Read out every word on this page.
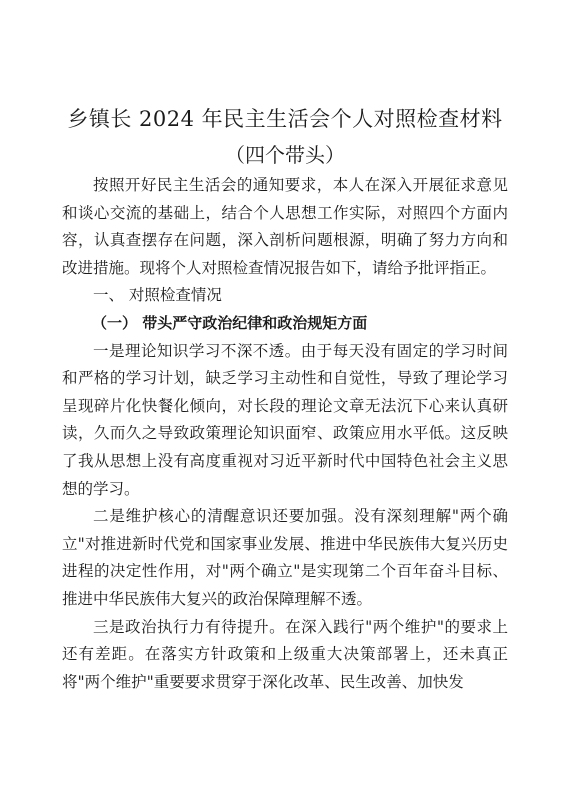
乡镇长 2024 年民主生活会个人对照检查材料
（四个带头）

按照开好民主生活会的通知要求，本人在深入开展征求意见和谈心交流的基础上，结合个人思想工作实际，对照四个方面内容，认真查摆存在问题，深入剖析问题根源，明确了努力方向和改进措施。现将个人对照检查情况报告如下，请给予批评指正。

一、 对照检查情况

（一） 带头严守政治纪律和政治规矩方面

一是理论知识学习不深不透。由于每天没有固定的学习时间和严格的学习计划，缺乏学习主动性和自觉性，导致了理论学习呈现碎片化快餐化倾向，对长段的理论文章无法沉下心来认真研读，久而久之导致政策理论知识面窄、政策应用水平低。这反映了我从思想上没有高度重视对习近平新时代中国特色社会主义思想的学习。

二是维护核心的清醒意识还要加强。没有深刻理解"两个确立"对推进新时代党和国家事业发展、推进中华民族伟大复兴历史进程的决定性作用，对"两个确立"是实现第二个百年奋斗目标、推进中华民族伟大复兴的政治保障理解不透。

三是政治执行力有待提升。在深入践行"两个维护"的要求上还有差距。在落实方针政策和上级重大决策部署上，还未真正将"两个维护"重要要求贯穿于深化改革、民生改善、加快发
